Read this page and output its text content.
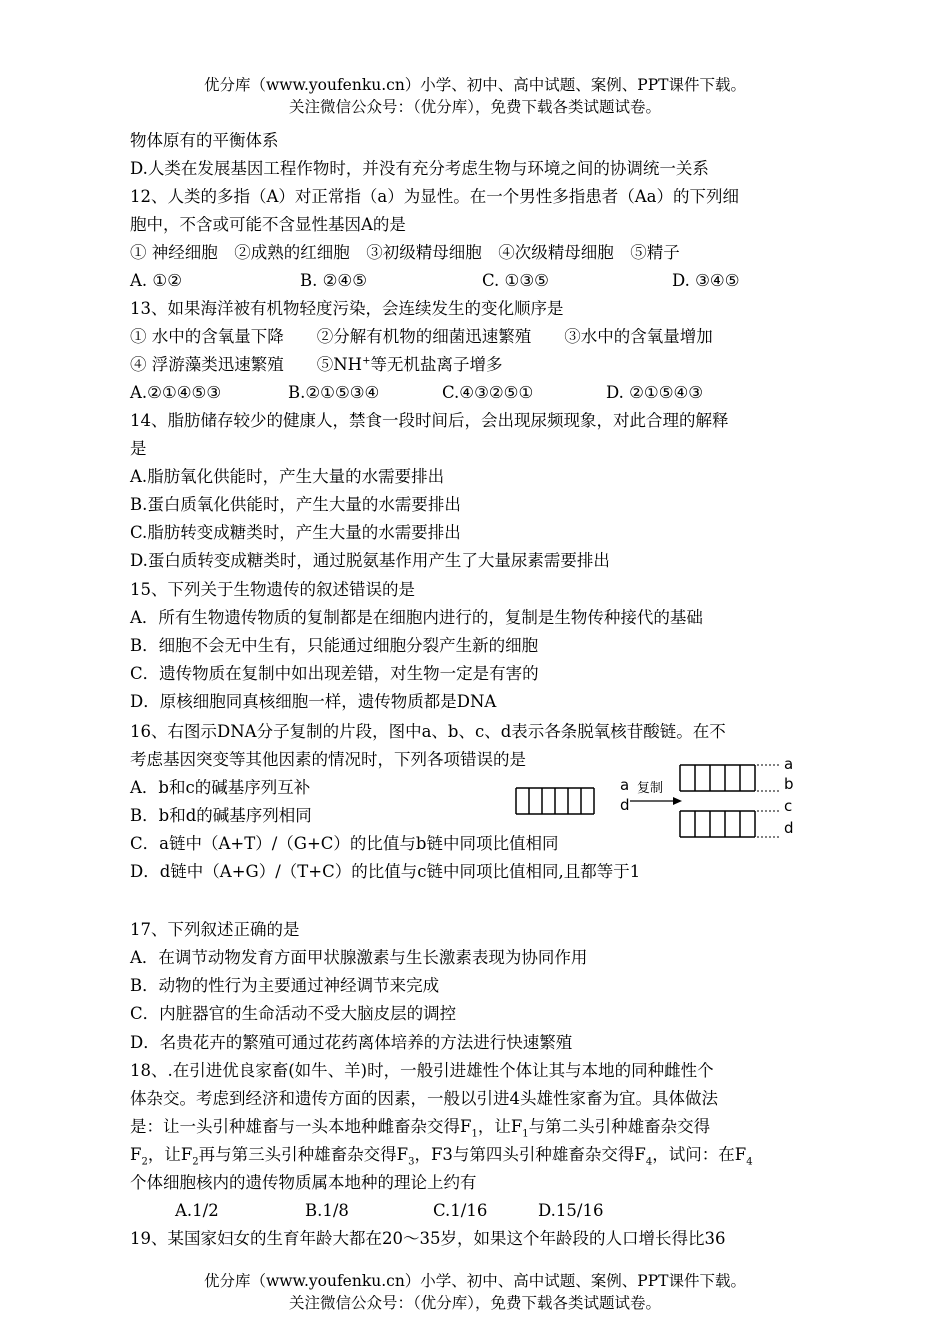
优分库（www.youfenku.cn）小学、初中、高中试题、案例、PPT课件下载。
关注微信公众号：（优分库），免费下载各类试题试卷。
物体原有的平衡体系
D.人类在发展基因工程作物时，并没有充分考虑生物与环境之间的协调统一关系
12、人类的多指（A）对正常指（a）为显性。在一个男性多指患者（Aa）的下列细
胞中，不含或可能不含显性基因A的是
① 神经细胞　②成熟的红细胞　③初级精母细胞　④次级精母细胞　⑤精子
A. ①②	B. ②④⑤	C. ①③⑤	D. ③④⑤
13、如果海洋被有机物轻度污染，会连续发生的变化顺序是
① 水中的含氧量下降　　②分解有机物的细菌迅速繁殖　　③水中的含氧量增加
④ 浮游藻类迅速繁殖　　⑤NH+等无机盐离子增多
A.②①④⑤③	B.②①⑤③④	C.④③②⑤①	D. ②①⑤④③
14、脂肪储存较少的健康人，禁食一段时间后，会出现尿频现象，对此合理的解释
是
A.脂肪氧化供能时，产生大量的水需要排出
B.蛋白质氧化供能时，产生大量的水需要排出
C.脂肪转变成糖类时，产生大量的水需要排出
D.蛋白质转变成糖类时，通过脱氨基作用产生了大量尿素需要排出
15、下列关于生物遗传的叙述错误的是
A．所有生物遗传物质的复制都是在细胞内进行的，复制是生物传种接代的基础
B．细胞不会无中生有，只能通过细胞分裂产生新的细胞
C．遗传物质在复制中如出现差错，对生物一定是有害的
D．原核细胞同真核细胞一样，遗传物质都是DNA
16、右图示DNA分子复制的片段，图中a、b、c、d表示各条脱氧核苷酸链。在不
考虑基因突变等其他因素的情况时，下列各项错误的是
A．b和c的碱基序列互补
B．b和d的碱基序列相同
C．a链中（A+T）/（G+C）的比值与b链中同项比值相同
D．d链中（A+G）/（T+C）的比值与c链中同项比值相同,且都等于1
a
d
复制
a
b
c
d
17、下列叙述正确的是
A．在调节动物发育方面甲状腺激素与生长激素表现为协同作用
B．动物的性行为主要通过神经调节来完成
C．内脏器官的生命活动不受大脑皮层的调控
D．名贵花卉的繁殖可通过花药离体培养的方法进行快速繁殖
18、.在引进优良家畜(如牛、羊)时，一般引进雄性个体让其与本地的同种雌性个
体杂交。考虑到经济和遗传方面的因素，一般以引进4头雄性家畜为宜。具体做法
是：让一头引种雄畜与一头本地种雌畜杂交得$F_1$，让$F_1$与第二头引种雄畜杂交得
$F_2$，让$F_2$再与第三头引种雄畜杂交得$F_3$，F3与第四头引种雄畜杂交得$F_4$，试问：在$F_4$
个体细胞核内的遗传物质属本地种的理论上约有
A.1/2	B.1/8	C.1/16	D.15/16
19、某国家妇女的生育年龄大都在20～35岁，如果这个年龄段的人口增长得比36
优分库（www.youfenku.cn）小学、初中、高中试题、案例、PPT课件下载。
关注微信公众号：（优分库），免费下载各类试题试卷。
